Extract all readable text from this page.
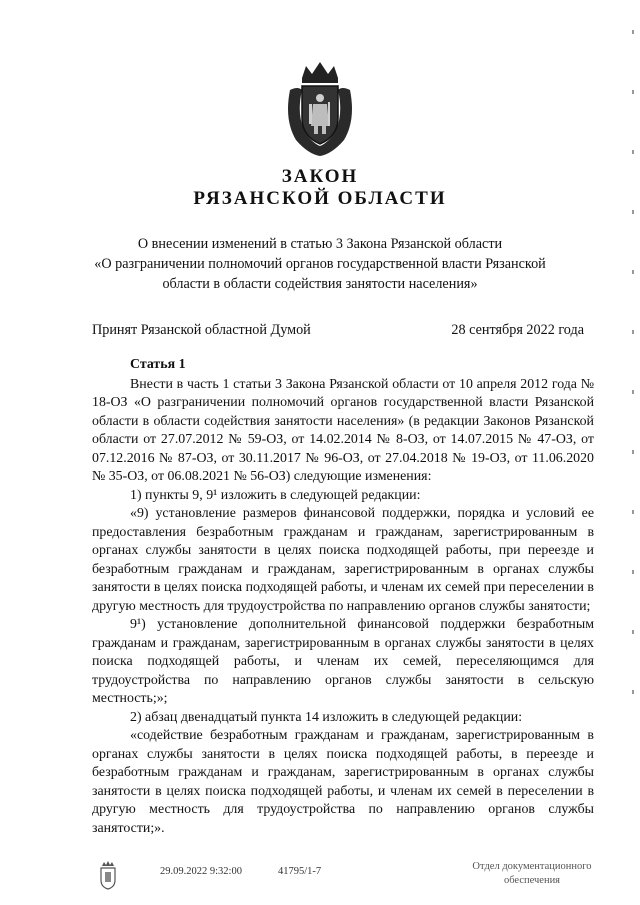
ЗАКОН
РЯЗАНСКОЙ ОБЛАСТИ
О внесении изменений в статью 3 Закона Рязанской области
«О разграничении полномочий органов государственной власти Рязанской
области в области содействия занятости населения»
Принят Рязанской областной Думой	28 сентября 2022 года

Статья 1

Внести в часть 1 статьи 3 Закона Рязанской области от 10 апреля 2012 года № 18-ОЗ «О разграничении полномочий органов государственной власти Рязанской области в области содействия занятости населения» (в редакции Законов Рязанской области от 27.07.2012 № 59-ОЗ, от 14.02.2014 № 8-ОЗ, от 14.07.2015 № 47-ОЗ, от 07.12.2016 № 87-ОЗ, от 30.11.2017 № 96-ОЗ, от 27.04.2018 № 19-ОЗ, от 11.06.2020 № 35-ОЗ, от 06.08.2021 № 56-ОЗ) следующие изменения:

1) пункты 9, 9¹ изложить в следующей редакции:

«9) установление размеров финансовой поддержки, порядка и условий ее предоставления безработным гражданам и гражданам, зарегистрированным в органах службы занятости в целях поиска подходящей работы, при переезде и безработным гражданам и гражданам, зарегистрированным в органах службы занятости в целях поиска подходящей работы, и членам их семей при переселении в другую местность для трудоустройства по направлению органов службы занятости;

9¹) установление дополнительной финансовой поддержки безработным гражданам и гражданам, зарегистрированным в органах службы занятости в целях поиска подходящей работы, и членам их семей, переселяющимся для трудоустройства по направлению органов службы занятости в сельскую местность;»;

2) абзац двенадцатый пункта 14 изложить в следующей редакции:

«содействие безработным гражданам и гражданам, зарегистрированным в органах службы занятости в целях поиска подходящей работы, в переезде и безработным гражданам и гражданам, зарегистрированным в органах службы занятости в целях поиска подходящей работы, и членам их семей в переселении в другую местность для трудоустройства по направлению органов службы занятости;».

29.09.2022 9:32:00	41795/1-7	Отдел документационного
обеспечения
